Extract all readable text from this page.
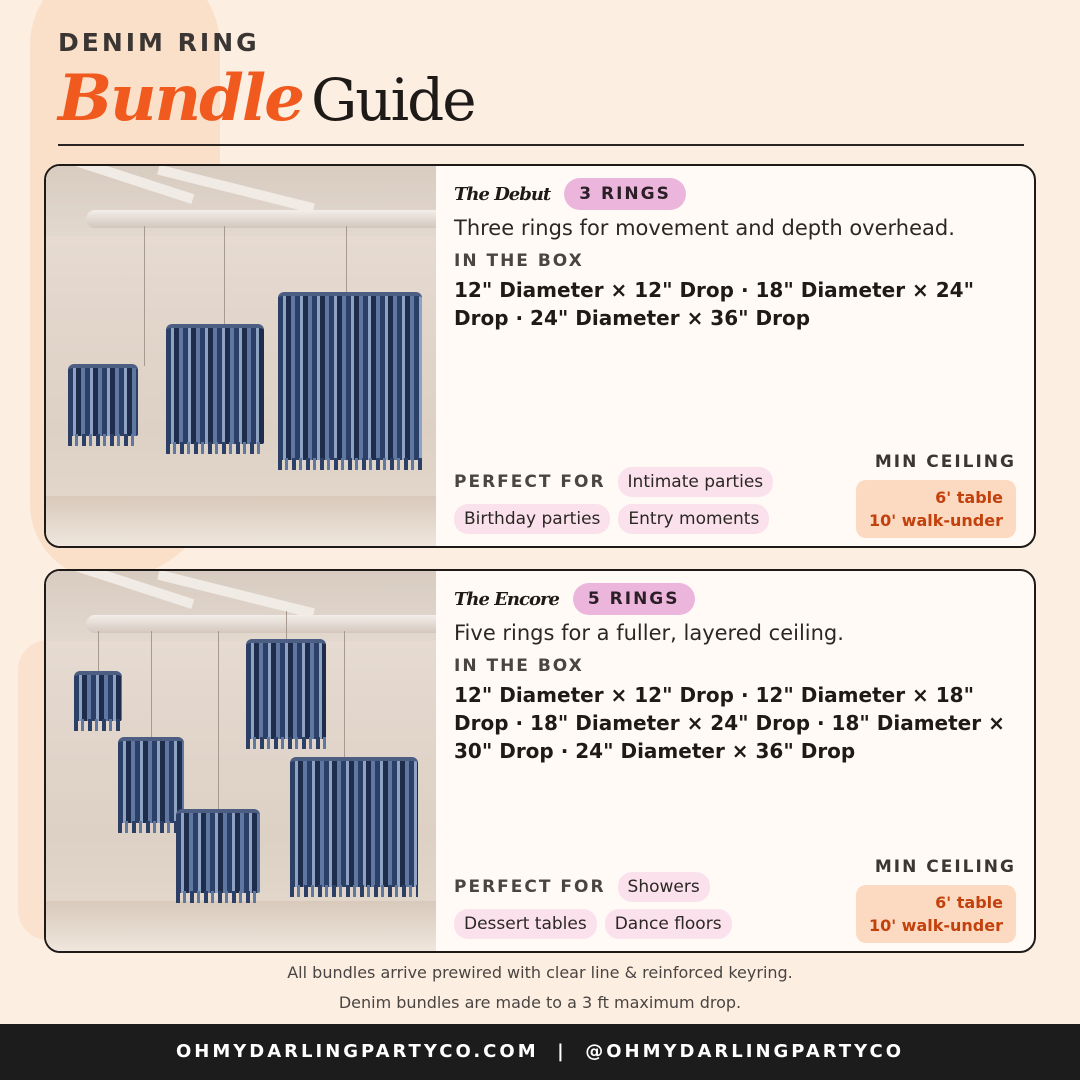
DENIM RING
Bundle Guide
The Debut	3 RINGS
Three rings for movement and depth overhead.
IN THE BOX
12" Diameter × 12" Drop · 18" Diameter × 24" Drop · 24" Diameter × 36" Drop
PERFECT FOR	Intimate parties
Birthday parties	Entry moments
MIN CEILING
6' table
10' walk-under
The Encore	5 RINGS
Five rings for a fuller, layered ceiling.
IN THE BOX
12" Diameter × 12" Drop · 12" Diameter × 18" Drop · 18" Diameter × 24" Drop · 18" Diameter × 30" Drop · 24" Diameter × 36" Drop
PERFECT FOR	Showers
Dessert tables	Dance floors
MIN CEILING
6' table
10' walk-under
All bundles arrive prewired with clear line & reinforced keyring.
Denim bundles are made to a 3 ft maximum drop.
OHMYDARLINGPARTYCO.COM  |  @OHMYDARLINGPARTYCO
